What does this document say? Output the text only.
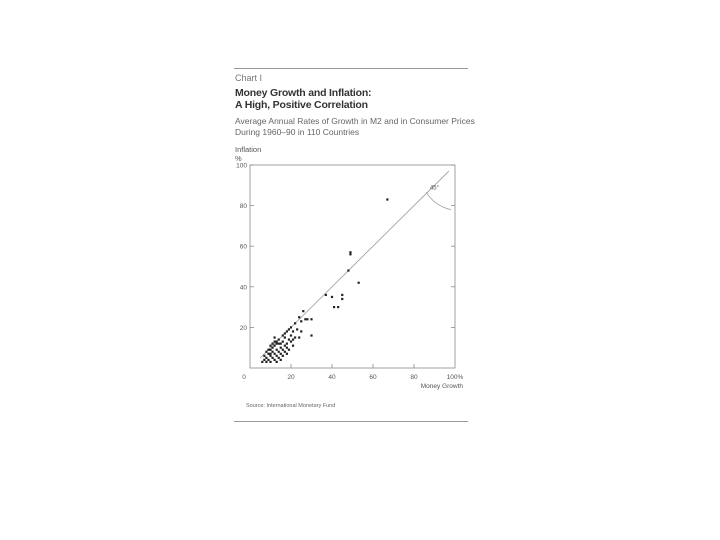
Chart I
Money Growth and Inflation:
A High, Positive Correlation
Average Annual Rates of Growth in M2 and in Consumer Prices
During 1960–90 in 110 Countries
Inflation
%
20
40
60
80
100
0	20	40	60	80	100%
Money Growth
45°
Source: International Monetary Fund
